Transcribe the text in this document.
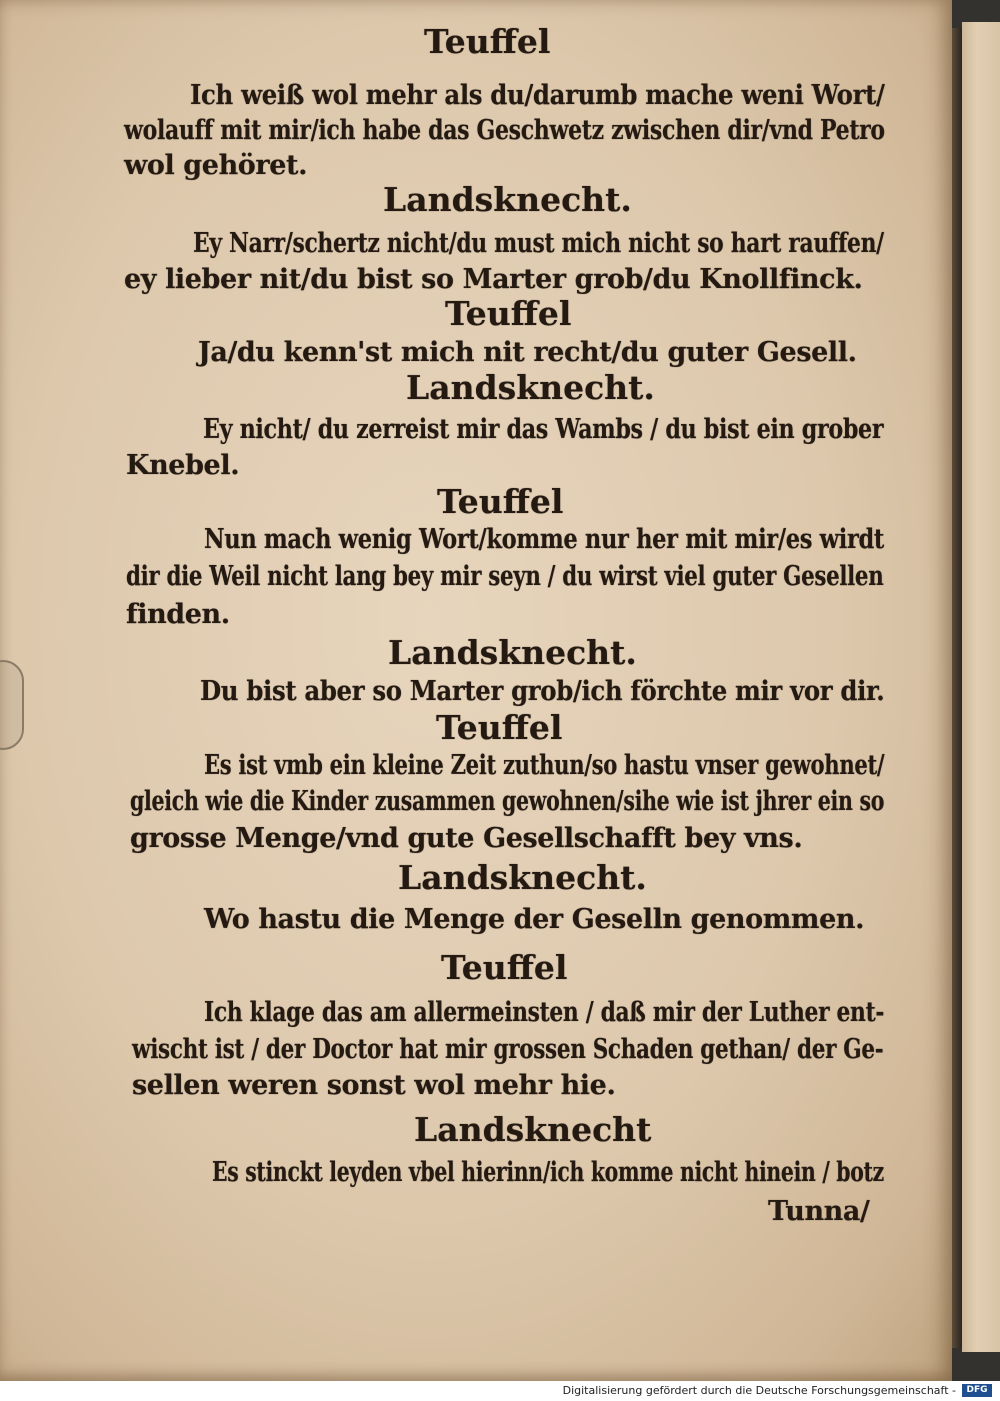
Teuffel
Ich weiß wol mehr als du/darumb mache weni Wort/
wolauff mit mir/ich habe das Geschwetz zwischen dir/vnd Petro
wol gehöret.
Landsknecht.
Ey Narr/schertz nicht/du must mich nicht so hart rauffen/
ey lieber nit/du bist so Marter grob/du Knollfinck.
Teuffel
Ja/du kenn'st mich nit recht/du guter Gesell.
Landsknecht.
Ey nicht/ du zerreist mir das Wambs / du bist ein grober
Knebel.
Teuffel
Nun mach wenig Wort/komme nur her mit mir/es wirdt
dir die Weil nicht lang bey mir seyn / du wirst viel guter Gesellen
finden.
Landsknecht.
Du bist aber so Marter grob/ich förchte mir vor dir.
Teuffel
Es ist vmb ein kleine Zeit zuthun/so hastu vnser gewohnet/
gleich wie die Kinder zusammen gewohnen/sihe wie ist jhrer ein so
grosse Menge/vnd gute Gesellschafft bey vns.
Landsknecht.
Wo hastu die Menge der Geselln genommen.
Teuffel
Ich klage das am allermeinsten / daß mir der Luther ent-
wischt ist / der Doctor hat mir grossen Schaden gethan/ der Ge-
sellen weren sonst wol mehr hie.
Landsknecht
Es stinckt leyden vbel hierinn/ich komme nicht hinein / botz
Tunna/
Digitalisierung gefördert durch die Deutsche Forschungsgemeinschaft -	DFG
